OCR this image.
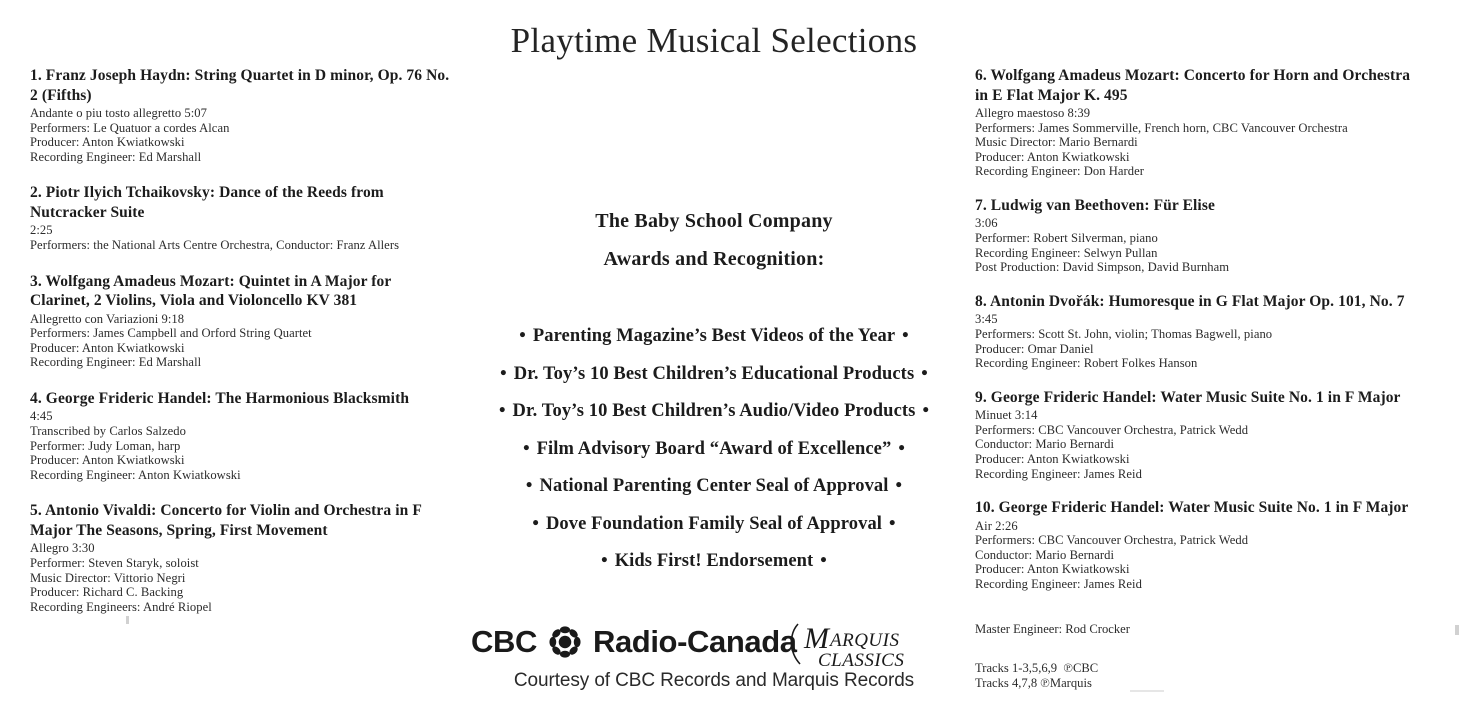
1. Franz Joseph Haydn: String Quartet in D minor, Op. 76 No. 2 (Fifths)
Andante o piu tosto allegretto 5:07
Performers: Le Quatuor a cordes Alcan
Producer: Anton Kwiatkowski
Recording Engineer: Ed Marshall
2. Piotr Ilyich Tchaikovsky: Dance of the Reeds from Nutcracker Suite
2:25
Performers: the National Arts Centre Orchestra, Conductor: Franz Allers
3. Wolfgang Amadeus Mozart: Quintet in A Major for Clarinet, 2 Violins, Viola and Violoncello KV 381
Allegretto con Variazioni 9:18
Performers: James Campbell and Orford String Quartet
Producer: Anton Kwiatkowski
Recording Engineer: Ed Marshall
4. George Frideric Handel: The Harmonious Blacksmith
4:45
Transcribed by Carlos Salzedo
Performer: Judy Loman, harp
Producer: Anton Kwiatkowski
Recording Engineer: Anton Kwiatkowski
5. Antonio Vivaldi: Concerto for Violin and Orchestra in F Major The Seasons, Spring, First Movement
Allegro 3:30
Performer: Steven Staryk, soloist
Music Director: Vittorio Negri
Producer: Richard C. Backing
Recording Engineers: André Riopel
Playtime Musical Selections
The Baby School Company
Awards and Recognition:
• Parenting Magazine’s Best Videos of the Year •
• Dr. Toy’s 10 Best Children’s Educational Products •
• Dr. Toy’s 10 Best Children’s Audio/Video Products •
• Film Advisory Board “Award of Excellence” •
• National Parenting Center Seal of Approval •
• Dove Foundation Family Seal of Approval •
• Kids First! Endorsement •
6. Wolfgang Amadeus Mozart: Concerto for Horn and Orchestra in E Flat Major K. 495
Allegro maestoso 8:39
Performers: James Sommerville, French horn, CBC Vancouver Orchestra
Music Director: Mario Bernardi
Producer: Anton Kwiatkowski
Recording Engineer: Don Harder
7. Ludwig van Beethoven: Für Elise
3:06
Performer: Robert Silverman, piano
Recording Engineer: Selwyn Pullan
Post Production: David Simpson, David Burnham
8. Antonin Dvořák: Humoresque in G Flat Major Op. 101, No. 7
3:45
Performers: Scott St. John, violin; Thomas Bagwell, piano
Producer: Omar Daniel
Recording Engineer: Robert Folkes Hanson
9. George Frideric Handel: Water Music Suite No. 1 in F Major
Minuet 3:14
Performers: CBC Vancouver Orchestra, Patrick Wedd
Conductor: Mario Bernardi
Producer: Anton Kwiatkowski
Recording Engineer: James Reid
10. George Frideric Handel: Water Music Suite No. 1 in F Major
Air 2:26
Performers: CBC Vancouver Orchestra, Patrick Wedd
Conductor: Mario Bernardi
Producer: Anton Kwiatkowski
Recording Engineer: James Reid
Master Engineer: Rod Crocker
Tracks 1-3,5,6,9  ℗CBC
Tracks 4,7,8 ℗Marquis
CBC Radio-Canada M ARQUIS
CLASSICS
Courtesy of CBC Records and Marquis Records
